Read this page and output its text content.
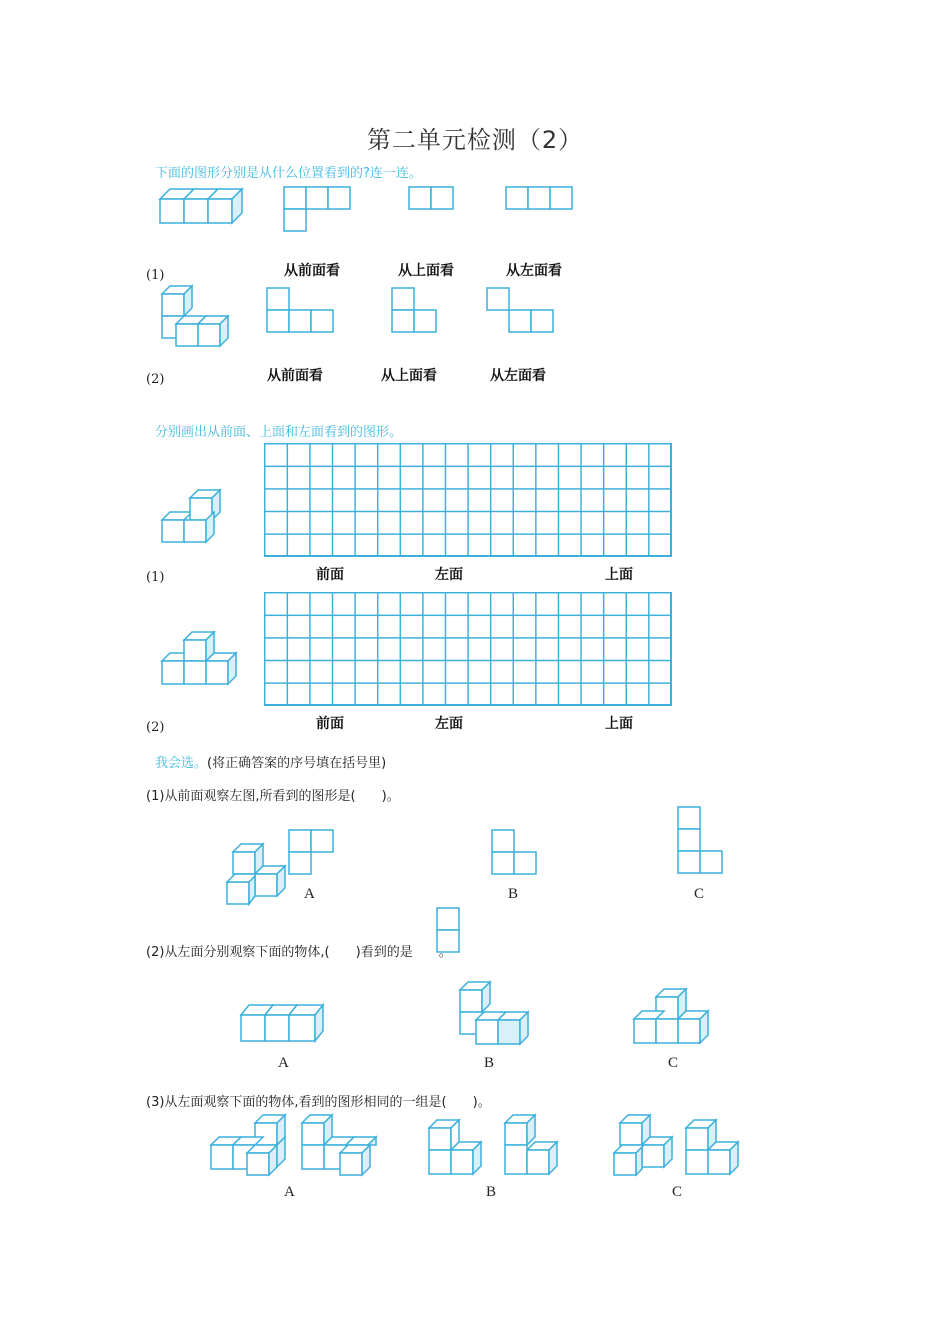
第二单元检测（2）
下面的图形分别是从什么位置看到的?连一连。
从前面看	从上面看	从左面看
(1)
从前面看	从上面看	从左面看
(2)
分别画出从前面、上面和左面看到的图形。
前面	左面	上面
(1)
前面	左面	上面
(2)
我会选。(将正确答案的序号填在括号里)
(1)从前面观察左图,所看到的图形是(　　)。
A	B	C
(2)从左面分别观察下面的物体,(　　)看到的是
A	B	C
(3)从左面观察下面的物体,看到的图形相同的一组是(　　)。
A	B	C
